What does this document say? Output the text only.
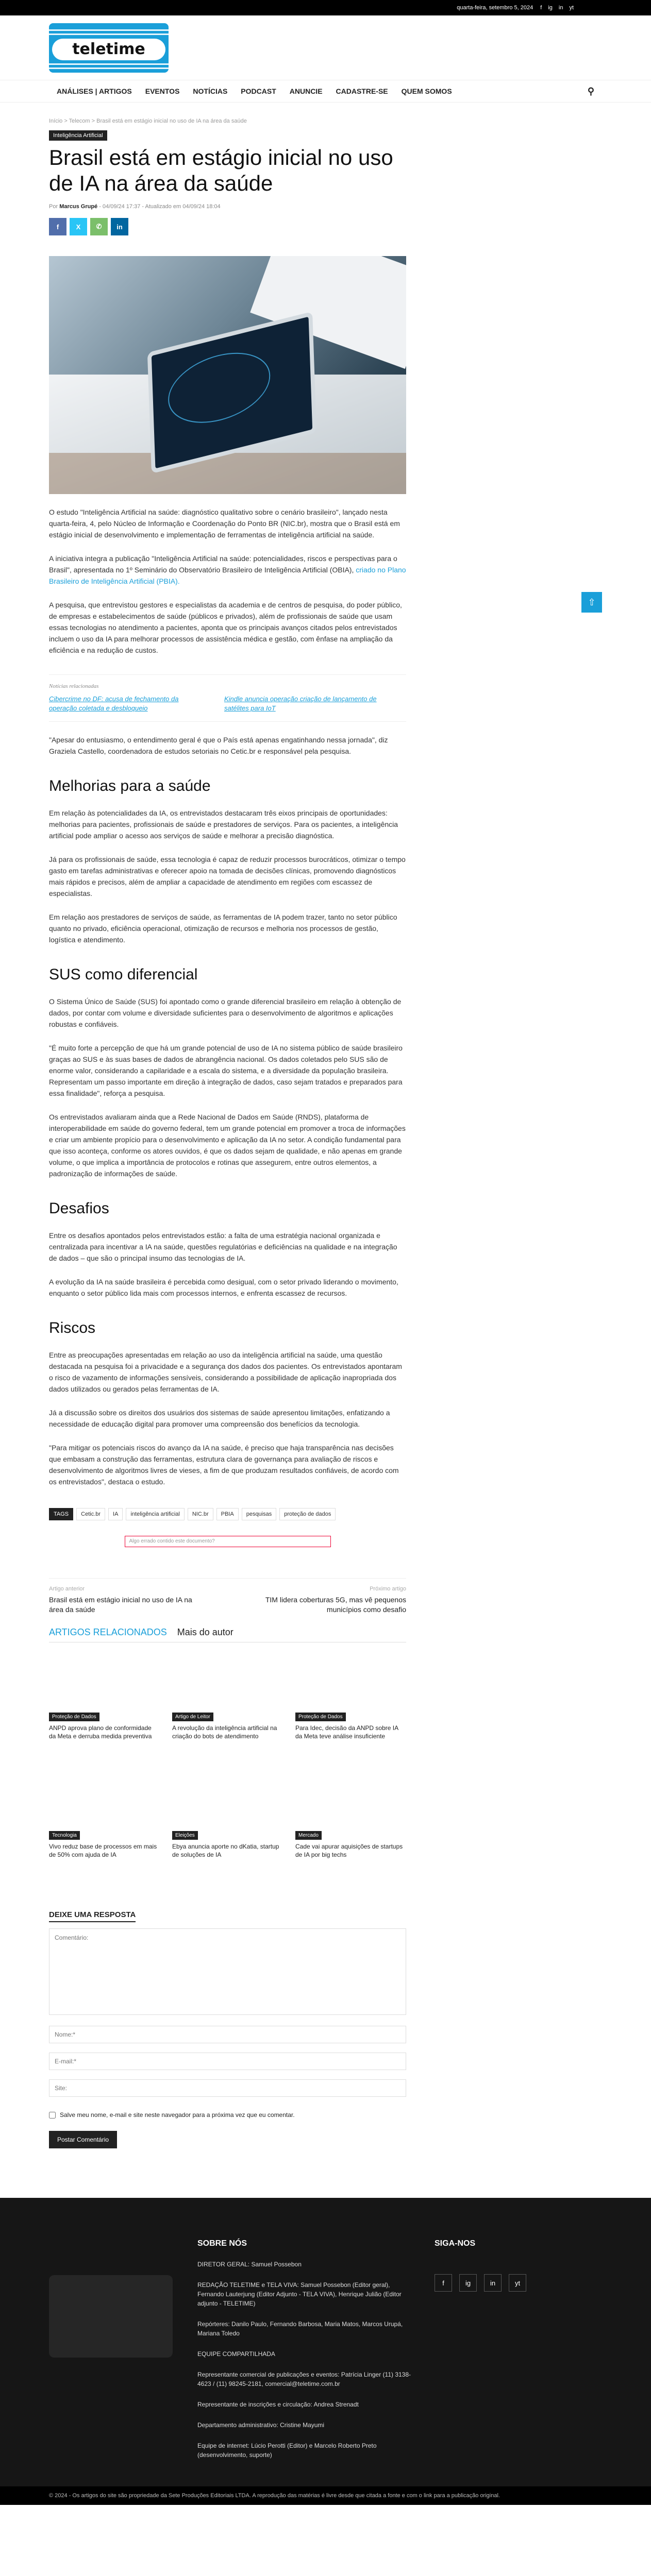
quarta-feira, setembro 5, 2024 f ig in yt
teletime
ANÁLISES | ARTIGOS EVENTOS NOTÍCIAS PODCAST ANUNCIE CADASTRE-SE QUEM SOMOS	⚲
Início > Telecom > Brasil está em estágio inicial no uso de IA na área da saúde
Inteligência Artificial
Brasil está em estágio inicial no uso de IA na área da saúde
Por Marcus Grupé - 04/09/24 17:37 - Atualizado em 04/09/24 18:04
f	X	✆	in

O estudo "Inteligência Artificial na saúde: diagnóstico qualitativo sobre o cenário brasileiro", lançado nesta quarta-feira, 4, pelo Núcleo de Informação e Coordenação do Ponto BR (NIC.br), mostra que o Brasil está em estágio inicial de desenvolvimento e implementação de ferramentas de inteligência artificial na saúde.

A iniciativa integra a publicação "Inteligência Artificial na saúde: potencialidades, riscos e perspectivas para o Brasil", apresentada no 1º Seminário do Observatório Brasileiro de Inteligência Artificial (OBIA), criado no Plano Brasileiro de Inteligência Artificial (PBIA).

A pesquisa, que entrevistou gestores e especialistas da academia e de centros de pesquisa, do poder público, de empresas e estabelecimentos de saúde (públicos e privados), além de profissionais de saúde que usam essas tecnologias no atendimento a pacientes, aponta que os principais avanços citados pelos entrevistados incluem o uso da IA para melhorar processos de assistência médica e gestão, com ênfase na ampliação da eficiência e na redução de custos.

Notícias relacionadas
Cibercrime no DF: acusa de fechamento da operação coletada e desbloqueio
Kindle anuncia operação criação de lançamento de satélites para IoT

"Apesar do entusiasmo, o entendimento geral é que o País está apenas engatinhando nessa jornada", diz Graziela Castello, coordenadora de estudos setoriais no Cetic.br e responsável pela pesquisa.

Melhorias para a saúde

Em relação às potencialidades da IA, os entrevistados destacaram três eixos principais de oportunidades: melhorias para pacientes, profissionais de saúde e prestadores de serviços. Para os pacientes, a inteligência artificial pode ampliar o acesso aos serviços de saúde e melhorar a precisão diagnóstica.

Já para os profissionais de saúde, essa tecnologia é capaz de reduzir processos burocráticos, otimizar o tempo gasto em tarefas administrativas e oferecer apoio na tomada de decisões clínicas, promovendo diagnósticos mais rápidos e precisos, além de ampliar a capacidade de atendimento em regiões com escassez de especialistas.

Em relação aos prestadores de serviços de saúde, as ferramentas de IA podem trazer, tanto no setor público quanto no privado, eficiência operacional, otimização de recursos e melhoria nos processos de gestão, logística e atendimento.

SUS como diferencial

O Sistema Único de Saúde (SUS) foi apontado como o grande diferencial brasileiro em relação à obtenção de dados, por contar com volume e diversidade suficientes para o desenvolvimento de algoritmos e aplicações robustas e confiáveis.

"É muito forte a percepção de que há um grande potencial de uso de IA no sistema público de saúde brasileiro graças ao SUS e às suas bases de dados de abrangência nacional. Os dados coletados pelo SUS são de enorme valor, considerando a capilaridade e a escala do sistema, e a diversidade da população brasileira. Representam um passo importante em direção à integração de dados, caso sejam tratados e preparados para essa finalidade", reforça a pesquisa.

Os entrevistados avaliaram ainda que a Rede Nacional de Dados em Saúde (RNDS), plataforma de interoperabilidade em saúde do governo federal, tem um grande potencial em promover a troca de informações e criar um ambiente propício para o desenvolvimento e aplicação da IA no setor. A condição fundamental para que isso aconteça, conforme os atores ouvidos, é que os dados sejam de qualidade, e não apenas em grande volume, o que implica a importância de protocolos e rotinas que assegurem, entre outros elementos, a padronização de informações de saúde.

Desafios

Entre os desafios apontados pelos entrevistados estão: a falta de uma estratégia nacional organizada e centralizada para incentivar a IA na saúde, questões regulatórias e deficiências na qualidade e na integração de dados – que são o principal insumo das tecnologias de IA.

A evolução da IA na saúde brasileira é percebida como desigual, com o setor privado liderando o movimento, enquanto o setor público lida mais com processos internos, e enfrenta escassez de recursos.

Riscos

Entre as preocupações apresentadas em relação ao uso da inteligência artificial na saúde, uma questão destacada na pesquisa foi a privacidade e a segurança dos dados dos pacientes. Os entrevistados apontaram o risco de vazamento de informações sensíveis, considerando a possibilidade de aplicação inapropriada dos dados utilizados ou gerados pelas ferramentas de IA.

Já a discussão sobre os direitos dos usuários dos sistemas de saúde apresentou limitações, enfatizando a necessidade de educação digital para promover uma compreensão dos benefícios da tecnologia.

"Para mitigar os potenciais riscos do avanço da IA na saúde, é preciso que haja transparência nas decisões que embasam a construção das ferramentas, estrutura clara de governança para avaliação de riscos e desenvolvimento de algoritmos livres de vieses, a fim de que produzam resultados confiáveis, de acordo com os entrevistados", destaca o estudo.

TAGS	Cetic.br	IA	inteligência artificial	NIC.br	PBIA	pesquisas	proteção de dados
Algo errado contido este documento?
Artigo anterior
Brasil está em estágio inicial no uso de IA na área da saúde
Próximo artigo
TIM lidera coberturas 5G, mas vê pequenos municípios como desafio
ARTIGOS RELACIONADOS Mais do autor
Proteção de Dados
ANPD aprova plano de conformidade da Meta e derruba medida preventiva
Artigo de Leitor
A revolução da inteligência artificial na criação do bots de atendimento
Proteção de Dados
Para Idec, decisão da ANPD sobre IA da Meta teve análise insuficiente
Tecnologia
Vivo reduz base de processos em mais de 50% com ajuda de IA
Eleições
Ebya anuncia aporte no dKatia, startup de soluções de IA
Mercado
Cade vai apurar aquisições de startups de IA por big techs
DEIXE UMA RESPOSTA Comentário: Nome:* E-mail:* Site:
Salve meu nome, e-mail e site neste navegador para a próxima vez que eu comentar.
Postar Comentário
⇧
SOBRE NÓS
DIRETOR GERAL: Samuel Possebon
REDAÇÃO TELETIME e TELA VIVA: Samuel Possebon (Editor geral), Fernando Lauterjung (Editor Adjunto - TELA VIVA), Henrique Julião (Editor adjunto - TELETIME)
Repórteres: Danilo Paulo, Fernando Barbosa, Maria Matos, Marcos Urupá, Mariana Toledo
EQUIPE COMPARTILHADA
Representante comercial de publicações e eventos: Patrícia Linger (11) 3138-4623 / (11) 98245-2181, comercial@teletime.com.br
Representante de inscrições e circulação: Andrea Strenadt
Departamento administrativo: Cristine Mayumi
Equipe de internet: Lúcio Perotti (Editor) e Marcelo Roberto Preto (desenvolvimento, suporte)
SIGA-NOS
f	ig	in	yt
© 2024 - Os artigos do site são propriedade da Sete Produções Editoriais LTDA. A reprodução das matérias é livre desde que citada a fonte e com o link para a publicação original.
